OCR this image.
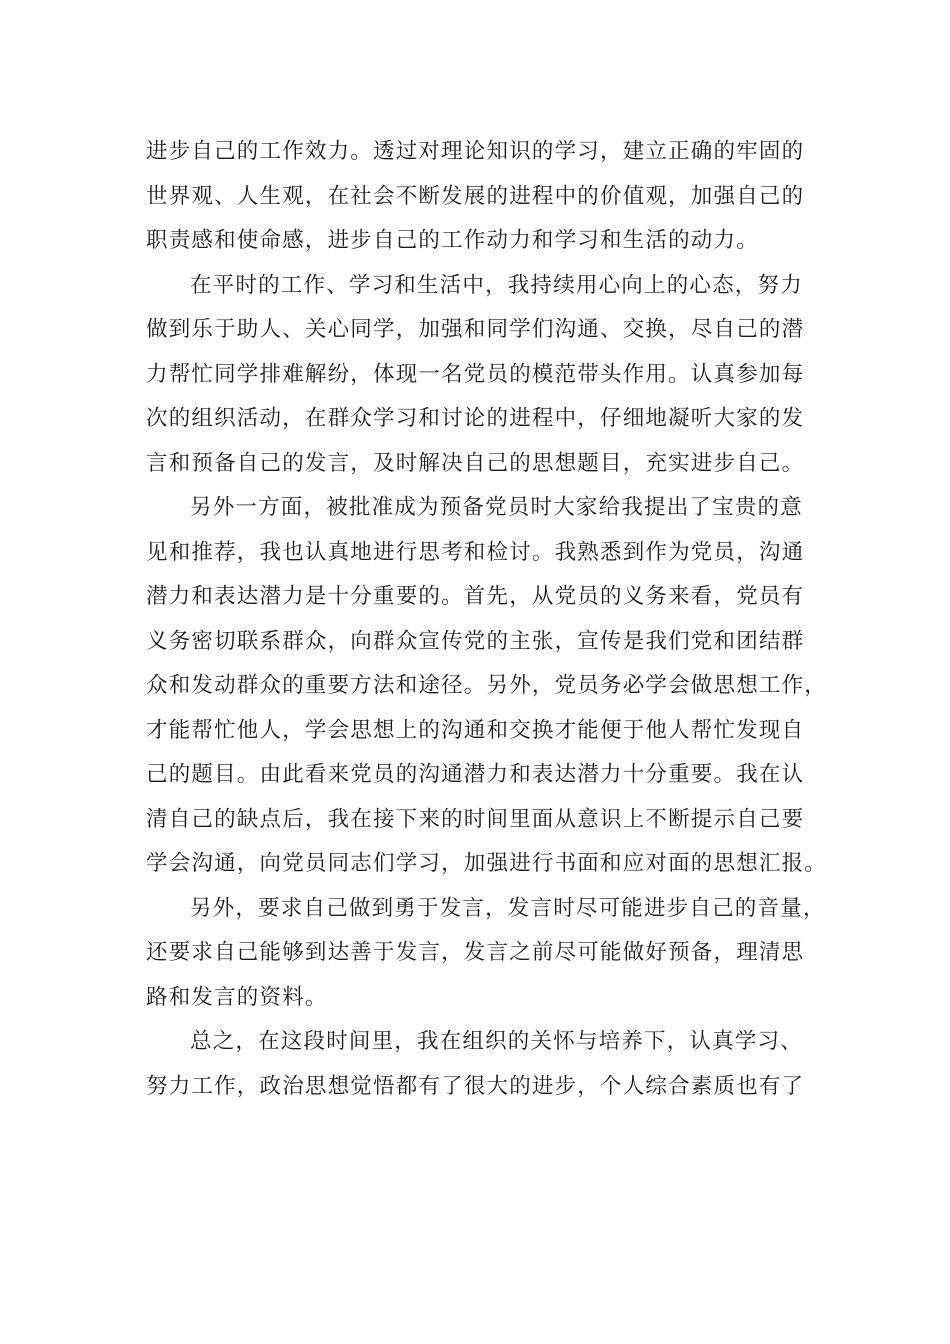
进步自己的工作效力。透过对理论知识的学习，建立正确的牢固的
世界观、人生观，在社会不断发展的进程中的价值观，加强自己的
职责感和使命感，进步自己的工作动力和学习和生活的动力。
在平时的工作、学习和生活中，我持续用心向上的心态，努力
做到乐于助人、关心同学，加强和同学们沟通、交换，尽自己的潜
力帮忙同学排难解纷，体现一名党员的模范带头作用。认真参加每
次的组织活动，在群众学习和讨论的进程中，仔细地凝听大家的发
言和预备自己的发言，及时解决自己的思想题目，充实进步自己。
另外一方面，被批准成为预备党员时大家给我提出了宝贵的意
见和推荐，我也认真地进行思考和检讨。我熟悉到作为党员，沟通
潜力和表达潜力是十分重要的。首先，从党员的义务来看，党员有
义务密切联系群众，向群众宣传党的主张，宣传是我们党和团结群
众和发动群众的重要方法和途径。另外，党员务必学会做思想工作，
才能帮忙他人，学会思想上的沟通和交换才能便于他人帮忙发现自
己的题目。由此看来党员的沟通潜力和表达潜力十分重要。我在认
清自己的缺点后，我在接下来的时间里面从意识上不断提示自己要
学会沟通，向党员同志们学习，加强进行书面和应对面的思想汇报。
另外，要求自己做到勇于发言，发言时尽可能进步自己的音量，
还要求自己能够到达善于发言，发言之前尽可能做好预备，理清思
路和发言的资料。
总之，在这段时间里，我在组织的关怀与培养下，认真学习、
努力工作，政治思想觉悟都有了很大的进步，个人综合素质也有了
